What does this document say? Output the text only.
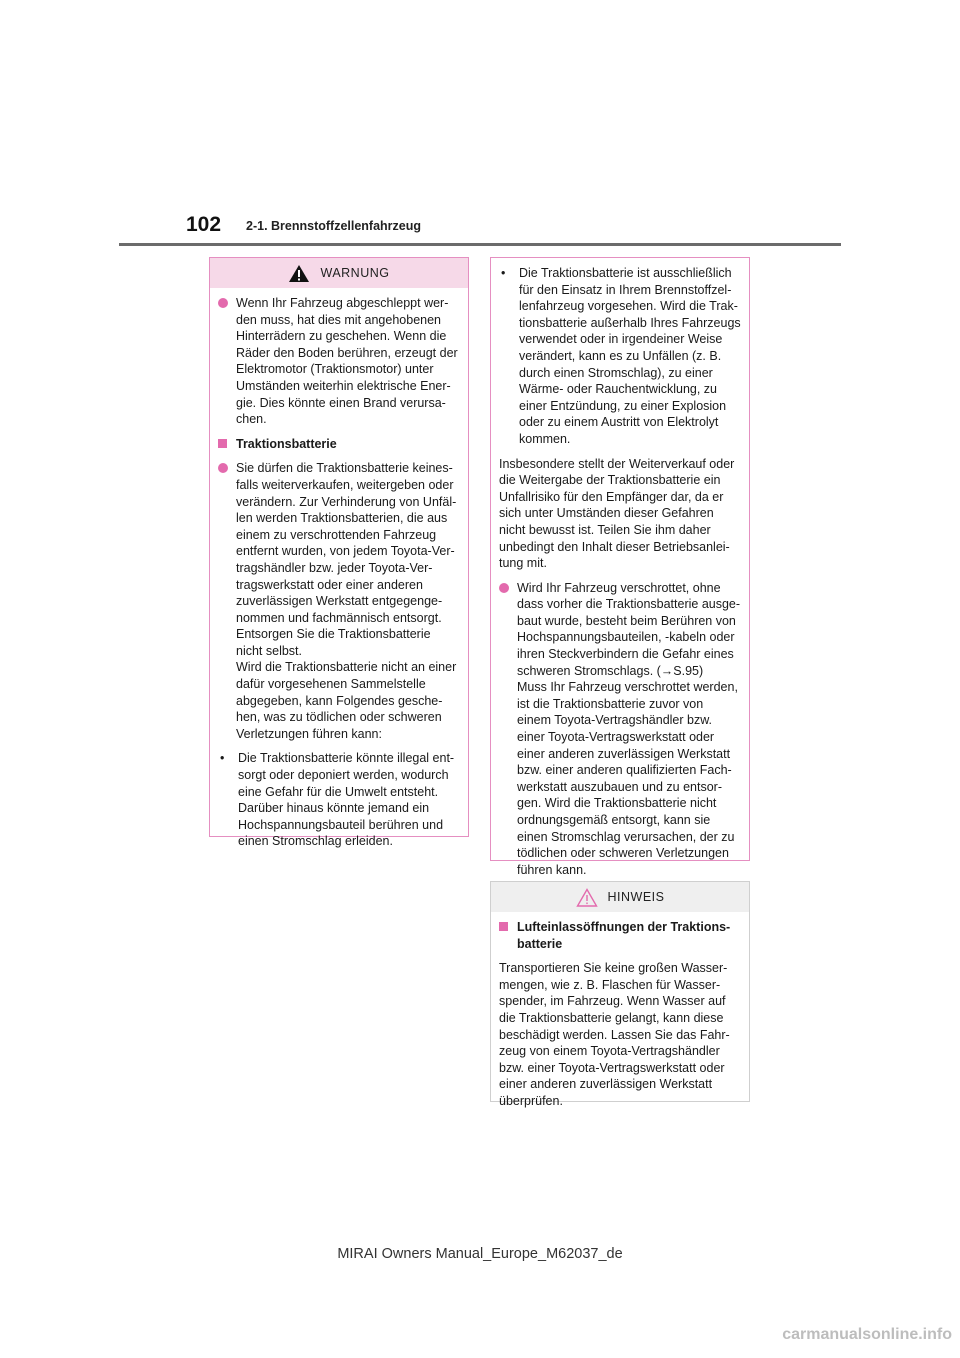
102 2-1. Brennstoffzellenfahrzeug
WARNUNG
Wenn Ihr Fahrzeug abgeschleppt wer-
den muss, hat dies mit angehobenen
Hinterrädern zu geschehen. Wenn die
Räder den Boden berühren, erzeugt der
Elektromotor (Traktionsmotor) unter
Umständen weiterhin elektrische Ener-
gie. Dies könnte einen Brand verursa-
chen.
Traktionsbatterie
Sie dürfen die Traktionsbatterie keines-
falls weiterverkaufen, weitergeben oder
verändern. Zur Verhinderung von Unfäl-
len werden Traktionsbatterien, die aus
einem zu verschrottenden Fahrzeug
entfernt wurden, von jedem Toyota-Ver-
tragshändler bzw. jeder Toyota-Ver-
tragswerkstatt oder einer anderen
zuverlässigen Werkstatt entgegenge-
nommen und fachmännisch entsorgt.
Entsorgen Sie die Traktionsbatterie
nicht selbst.
Wird die Traktionsbatterie nicht an einer
dafür vorgesehenen Sammelstelle
abgegeben, kann Folgendes gesche-
hen, was zu tödlichen oder schweren
Verletzungen führen kann:
•	Die Traktionsbatterie könnte illegal ent-
sorgt oder deponiert werden, wodurch
eine Gefahr für die Umwelt entsteht.
Darüber hinaus könnte jemand ein
Hochspannungsbauteil berühren und
einen Stromschlag erleiden.
•	Die Traktionsbatterie ist ausschließlich
für den Einsatz in Ihrem Brennstoffzel-
lenfahrzeug vorgesehen. Wird die Trak-
tionsbatterie außerhalb Ihres Fahrzeugs
verwendet oder in irgendeiner Weise
verändert, kann es zu Unfällen (z. B.
durch einen Stromschlag), zu einer
Wärme- oder Rauchentwicklung, zu
einer Entzündung, zu einer Explosion
oder zu einem Austritt von Elektrolyt
kommen.
Insbesondere stellt der Weiterverkauf oder
die Weitergabe der Traktionsbatterie ein
Unfallrisiko für den Empfänger dar, da er
sich unter Umständen dieser Gefahren
nicht bewusst ist. Teilen Sie ihm daher
unbedingt den Inhalt dieser Betriebsanlei-
tung mit.
Wird Ihr Fahrzeug verschrottet, ohne
dass vorher die Traktionsbatterie ausge-
baut wurde, besteht beim Berühren von
Hochspannungsbauteilen, -kabeln oder
ihren Steckverbindern die Gefahr eines
schweren Stromschlags. (→S.95)
Muss Ihr Fahrzeug verschrottet werden,
ist die Traktionsbatterie zuvor von
einem Toyota-Vertragshändler bzw.
einer Toyota-Vertragswerkstatt oder
einer anderen zuverlässigen Werkstatt
bzw. einer anderen qualifizierten Fach-
werkstatt auszubauen und zu entsor-
gen. Wird die Traktionsbatterie nicht
ordnungsgemäß entsorgt, kann sie
einen Stromschlag verursachen, der zu
tödlichen oder schweren Verletzungen
führen kann.
HINWEIS
Lufteinlassöffnungen der Traktions-
batterie
Transportieren Sie keine großen Wasser-
mengen, wie z. B. Flaschen für Wasser-
spender, im Fahrzeug. Wenn Wasser auf
die Traktionsbatterie gelangt, kann diese
beschädigt werden. Lassen Sie das Fahr-
zeug von einem Toyota-Vertragshändler
bzw. einer Toyota-Vertragswerkstatt oder
einer anderen zuverlässigen Werkstatt
überprüfen.
MIRAI Owners Manual_Europe_M62037_de
carmanualsonline.info
